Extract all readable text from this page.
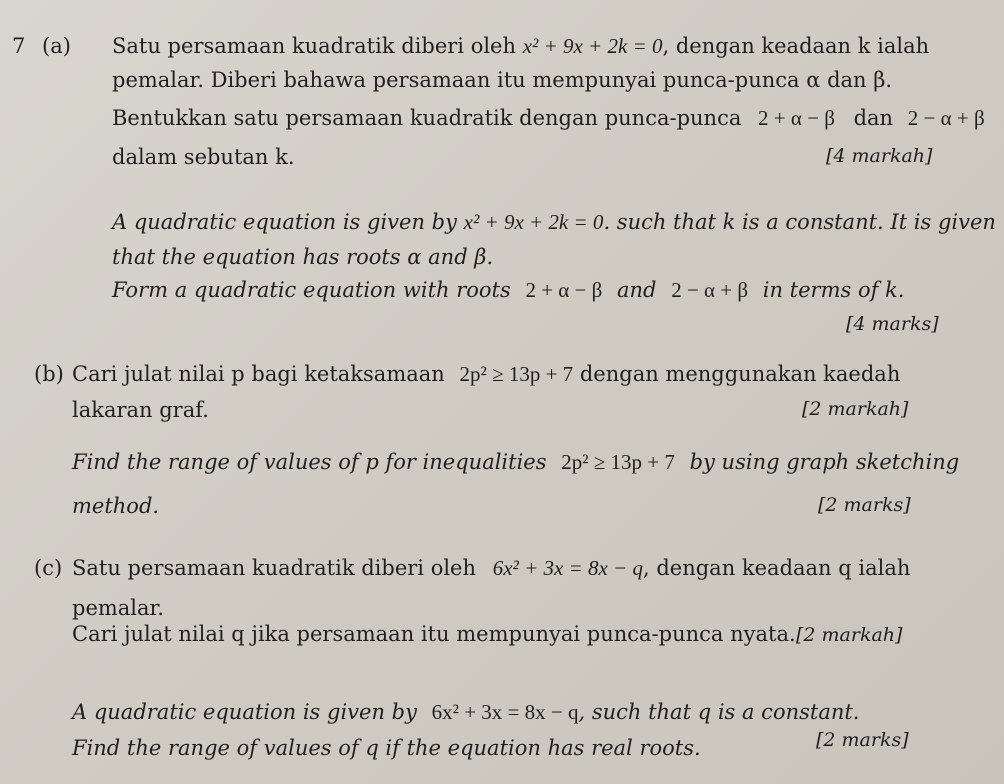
7 (a) Satu persamaan kuadratik diberi oleh x² + 9x + 2k = 0, dengan keadaan k ialah
pemalar. Diberi bahawa persamaan itu mempunyai punca-punca α dan β.
Bentukkan satu persamaan kuadratik dengan punca-punca 2 + α − β dan 2 − α + β
dalam sebutan k.	[4 markah]
A quadratic equation is given by x² + 9x + 2k = 0. such that k is a constant. It is given
that the equation has roots α and β.
Form a quadratic equation with roots 2 + α − β and 2 − α + β in terms of k.
[4 marks]
(b) Cari julat nilai p bagi ketaksamaan 2p² ≥ 13p + 7 dengan menggunakan kaedah
lakaran graf.	[2 markah]
Find the range of values of p for inequalities 2p² ≥ 13p + 7 by using graph sketching
method.	[2 marks]
(c) Satu persamaan kuadratik diberi oleh 6x² + 3x = 8x − q, dengan keadaan q ialah
pemalar.
Cari julat nilai q jika persamaan itu mempunyai punca-punca nyata. [2 markah]
A quadratic equation is given by 6x² + 3x = 8x − q, such that q is a constant.
Find the range of values of q if the equation has real roots.	[2 marks]
